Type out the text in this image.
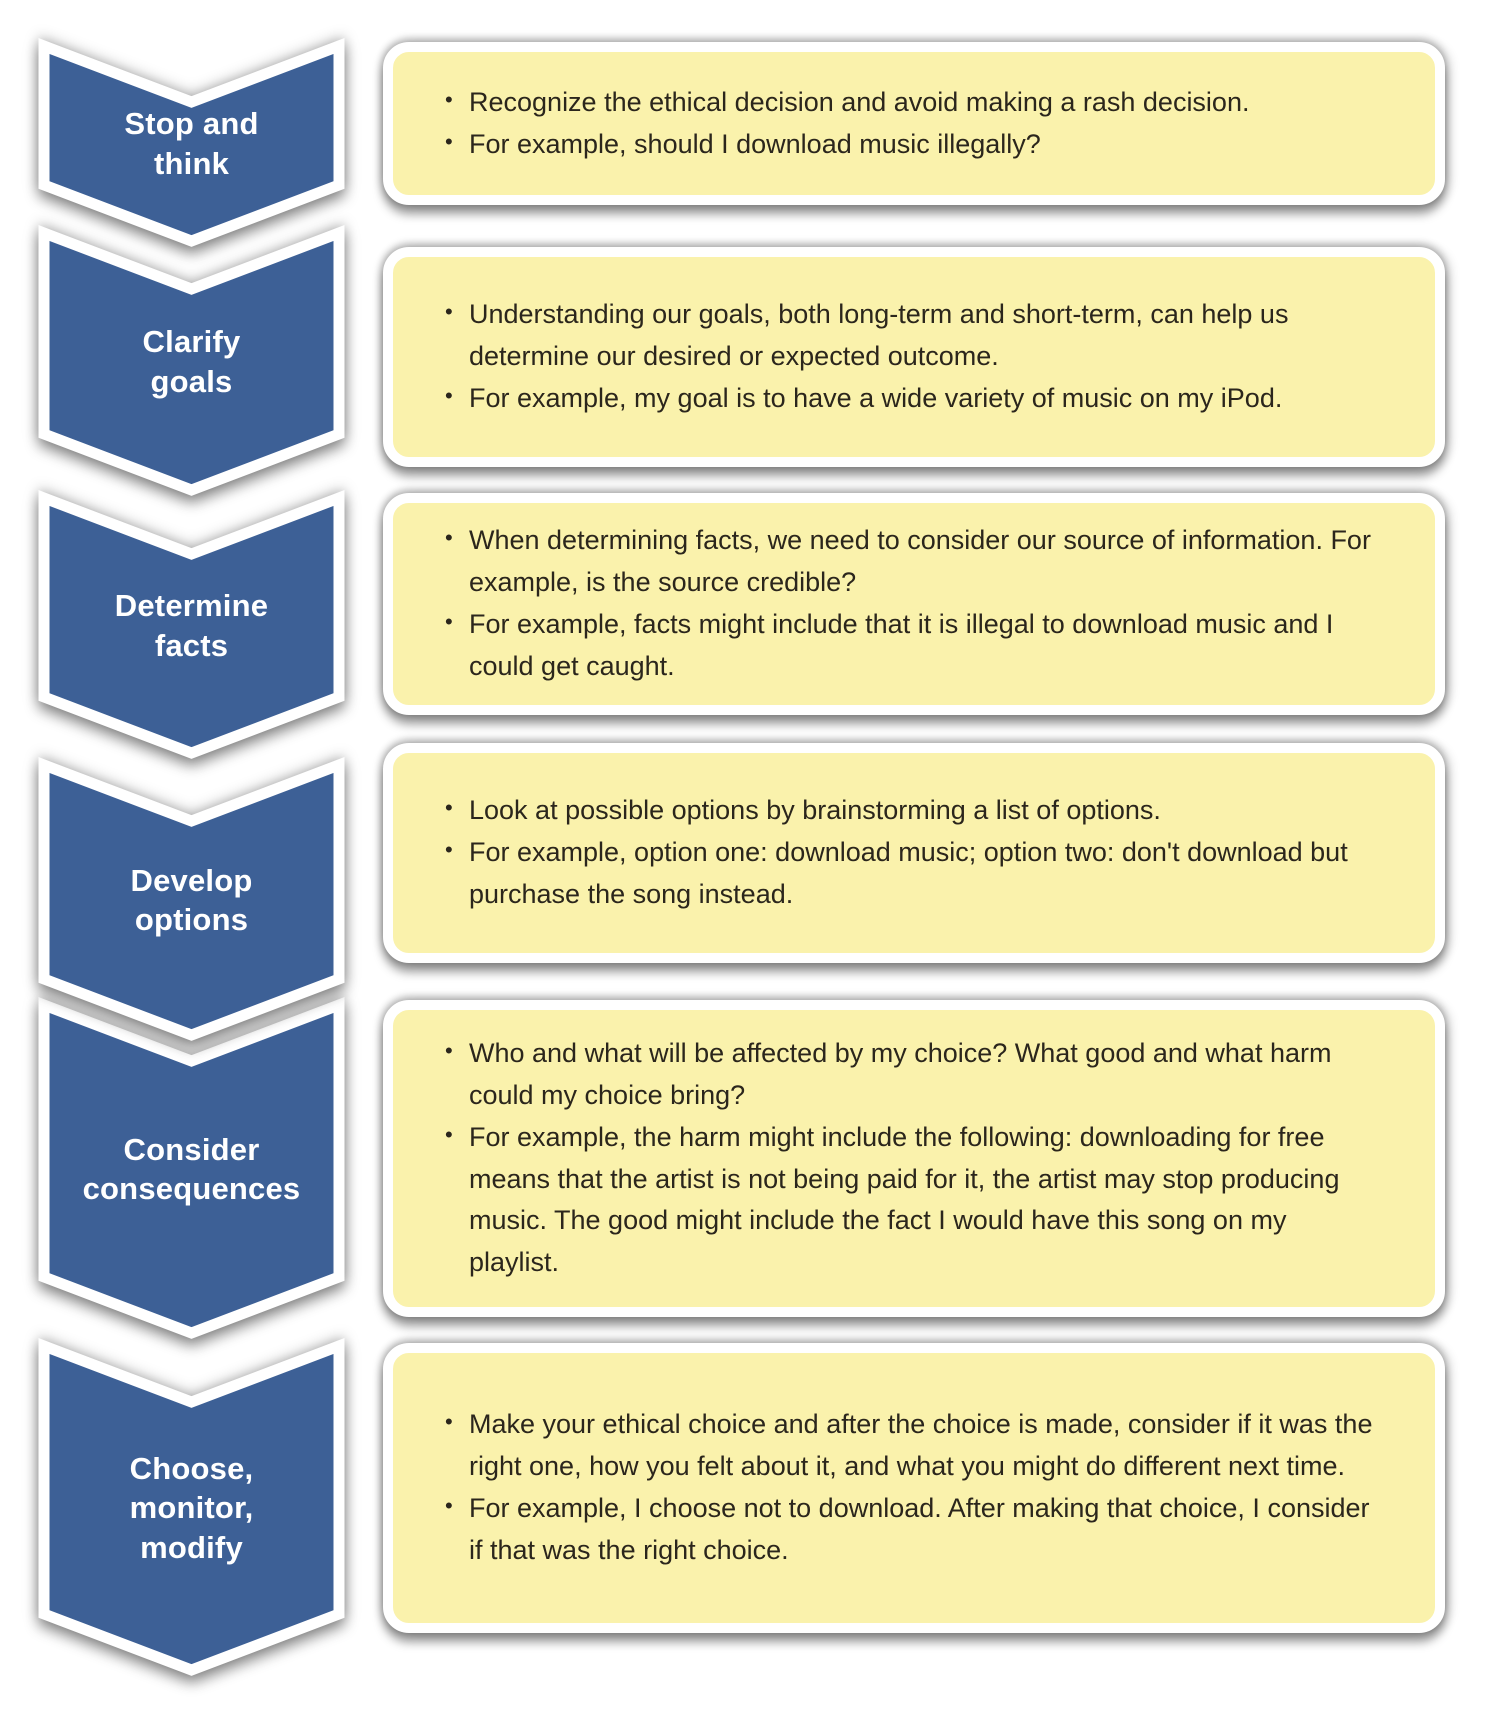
Stop and
think
• Recognize the ethical decision and avoid making a rash decision.
• For example, should I download music illegally?
Clarify
goals
• Understanding our goals, both long-term and short-term, can help us determine our desired or expected outcome.
• For example, my goal is to have a wide variety of music on my iPod.
Determine
facts
• When determining facts, we need to consider our source of information. For example, is the source credible?
• For example, facts might include that it is illegal to download music and I could get caught.
Develop
options
• Look at possible options by brainstorming a list of options.
• For example, option one: download music; option two: don't download but purchase the song instead.
Consider
consequences
• Who and what will be affected by my choice? What good and what harm could my choice bring?
• For example, the harm might include the following: downloading for free means that the artist is not being paid for it, the artist may stop producing music. The good might include the fact I would have this song on my playlist.
Choose,
monitor,
modify
• Make your ethical choice and after the choice is made, consider if it was the right one, how you felt about it, and what you might do different next time.
• For example, I choose not to download. After making that choice, I consider if that was the right choice.
